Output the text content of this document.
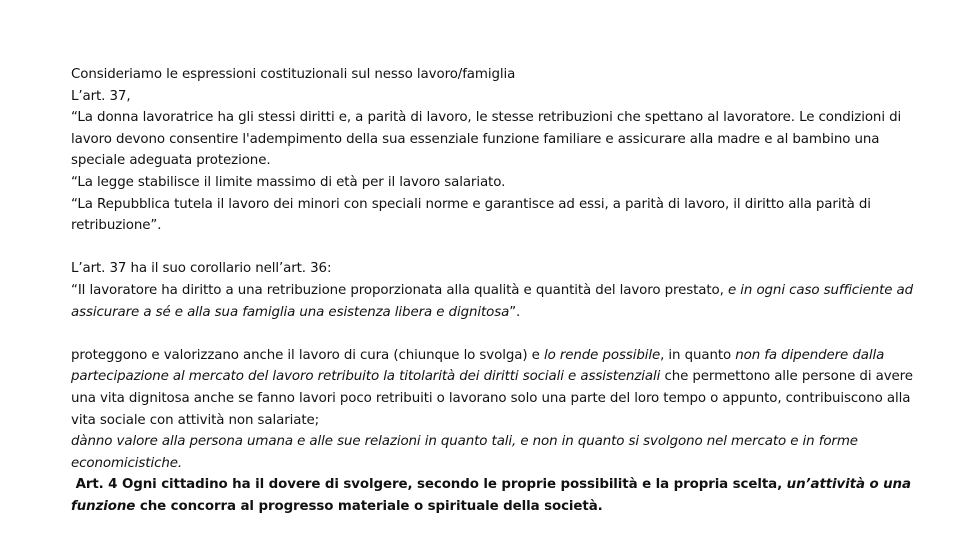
Consideriamo le espressioni costituzionali sul nesso lavoro/famiglia

L’art. 37,

“La donna lavoratrice ha gli stessi diritti e, a parità di lavoro, le stesse retribuzioni che spettano al lavoratore. Le condizioni di lavoro devono consentire l'adempimento della sua essenziale funzione familiare e assicurare alla madre e al bambino una speciale adeguata protezione.

“La legge stabilisce il limite massimo di età per il lavoro salariato.

“La Repubblica tutela il lavoro dei minori con speciali norme e garantisce ad essi, a parità di lavoro, il diritto alla parità di retribuzione”.

L’art. 37 ha il suo corollario nell’art. 36:

“Il lavoratore ha diritto a una retribuzione proporzionata alla qualità e quantità del lavoro prestato, e in ogni caso sufficiente ad assicurare a sé e alla sua famiglia una esistenza libera e dignitosa”.

proteggono e valorizzano anche il lavoro di cura (chiunque lo svolga) e lo rende possibile, in quanto non fa dipendere dalla partecipazione al mercato del lavoro retribuito la titolarità dei diritti sociali e assistenziali che permettono alle persone di avere una vita dignitosa anche se fanno lavori poco retribuiti o lavorano solo una parte del loro tempo o appunto, contribuiscono alla vita sociale con attività non salariate;

dànno valore alla persona umana e alle sue relazioni in quanto tali, e non in quanto si svolgono nel mercato e in forme economicistiche.

Art. 4 Ogni cittadino ha il dovere di svolgere, secondo le proprie possibilità e la propria scelta, un’attività o una funzione che concorra al progresso materiale o spirituale della società.
